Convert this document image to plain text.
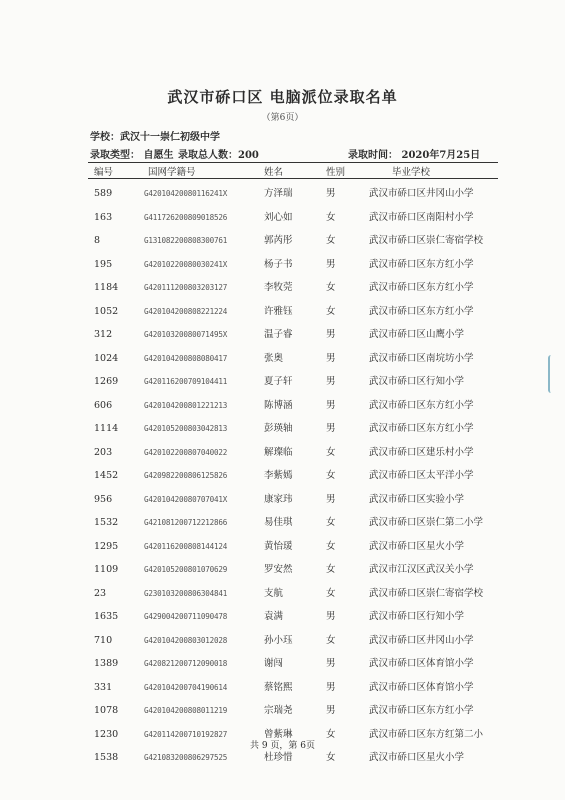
武汉市硚口区 电脑派位录取名单
（第6页）
学校：武汉十一崇仁初级中学
录取类型： 自愿生 录取总人数：200	录取时间： 2020年7月25日
编号	国网学籍号	姓名	性别	毕业学校
589	G42010420080116241X	方泽瑞	男	武汉市硚口区井冈山小学
163	G411726200809018526	刘心如	女	武汉市硚口区南阳村小学
8	G131082200808300761	郭芮彤	女	武汉市硚口区崇仁寄宿学校
195	G42010220080030241X	杨子书	男	武汉市硚口区东方红小学
1184	G420111200803203127	李牧莞	女	武汉市硚口区东方红小学
1052	G420104200808221224	许雅钰	女	武汉市硚口区东方红小学
312	G42010320080071495X	温子睿	男	武汉市硚口区山鹰小学
1024	G420104200808080417	张奥	男	武汉市硚口区南垸坊小学
1269	G420116200709104411	夏子轩	男	武汉市硚口区行知小学
606	G420104200801221213	陈博涵	男	武汉市硚口区东方红小学
1114	G420105200803042813	彭瑛轴	男	武汉市硚口区东方红小学
203	G420102200807040022	解璨临	女	武汉市硚口区建乐村小学
1452	G420982200806125826	李紫嫣	女	武汉市硚口区太平洋小学
956	G42010420080707041X	康家玮	男	武汉市硚口区实验小学
1532	G421081200712212866	易佳琪	女	武汉市硚口区崇仁第二小学
1295	G420116200808144124	黄怡瑗	女	武汉市硚口区星火小学
1109	G420105200801070629	罗安然	女	武汉市江汉区武汉关小学
23	G230103200806304841	支航	女	武汉市硚口区崇仁寄宿学校
1635	G429004200711090478	袁满	男	武汉市硚口区行知小学
710	G420104200803012028	孙小珏	女	武汉市硚口区井冈山小学
1389	G420821200712090018	谢闯	男	武汉市硚口区体育馆小学
331	G420104200704190614	蔡铭熙	男	武汉市硚口区体育馆小学
1078	G420104200808011219	宗瑞尧	男	武汉市硚口区东方红小学
1230	G420114200710192827	曾紫琳	女	武汉市硚口区东方红第二小
1538	G421083200806297525	杜珍惜	女	武汉市硚口区星火小学
共 9 页，第 6页
